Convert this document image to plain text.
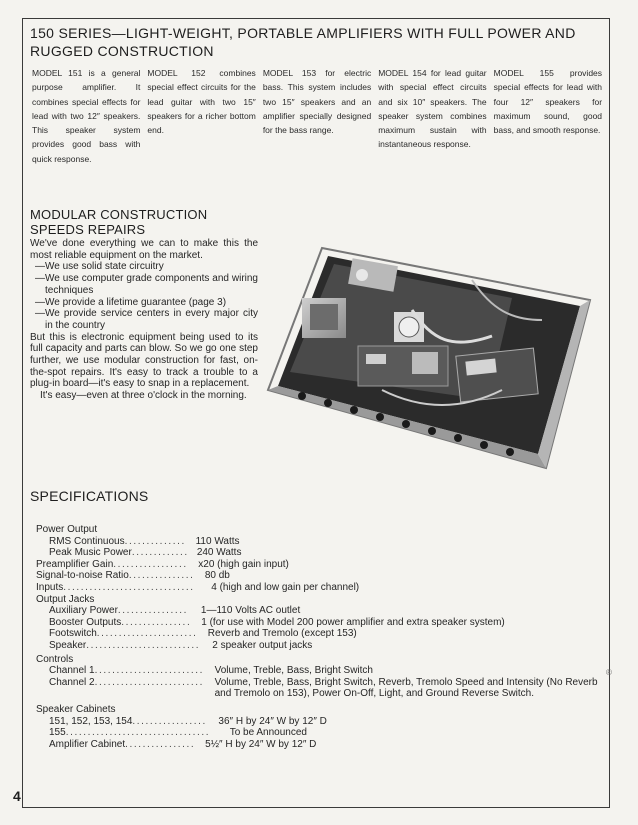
150 SERIES—LIGHT-WEIGHT, PORTABLE AMPLIFIERS WITH FULL POWER AND RUGGED CONSTRUCTION
MODEL 151 is a general purpose amplifier. It combines special effects for lead with two 12″ speakers. This speaker system provides good bass with quick response.
MODEL 152 combines special effect circuits for the lead guitar with two 15″ speakers for a richer bottom end.
MODEL 153 for electric bass. This system includes two 15″ speakers and an amplifier specially designed for the bass range.
MODEL 154 for lead guitar with special effect circuits and six 10″ speakers. The speaker system combines maximum sustain with instantaneous response.
MODEL 155 provides special effects for lead with four 12″ speakers for maximum sound, good bass, and smooth response.
MODULAR CONSTRUCTION
SPEEDS REPAIRS

We've done everything we can to make this the most reliable equipment on the market.

—We use solid state circuitry
—We use computer grade components and wiring techniques
—We provide a lifetime guarantee (page 3)
—We provide service centers in every major city in the country

But this is electronic equipment being used to its full capacity and parts can blow. So we go one step further, we use modular construction for fast, on-the-spot repairs. It's easy to track a trouble to a plug-in board—it's easy to snap in a replacement.

It's easy—even at three o'clock in the morning.

SPECIFICATIONS
Power Output
RMS Continuous .............. 110 Watts
Peak Music Power ............. 240 Watts
Preamplifier Gain .................	x20 (high gain input)
Signal-to-noise Ratio ...............	80 db
Inputs ..............................	4 (high and low gain per channel)
Output Jacks
Auxiliary Power ................	1—110 Volts AC outlet
Booster Outputs ................ 1 (for use with Model 200 power amplifier and extra speaker system)
Footswitch .......................	Reverb and Tremolo (except 153)
Speaker ..........................	2 speaker output jacks
Controls
Channel 1 .........................	Volume, Treble, Bass, Bright Switch
Channel 2 .........................	Volume, Treble, Bass, Bright Switch, Reverb, Tremolo Speed and Intensity (No Reverb and Tremolo on 153), Power On-Off, Light, and Ground Reverse Switch.
Speaker Cabinets
151, 152, 153, 154 .................	36″ H by 24″ W by 12″ D
155 .................................	To be Announced
Amplifier Cabinet ................ 5½″ H by 24″ W by 12″ D
®
4
